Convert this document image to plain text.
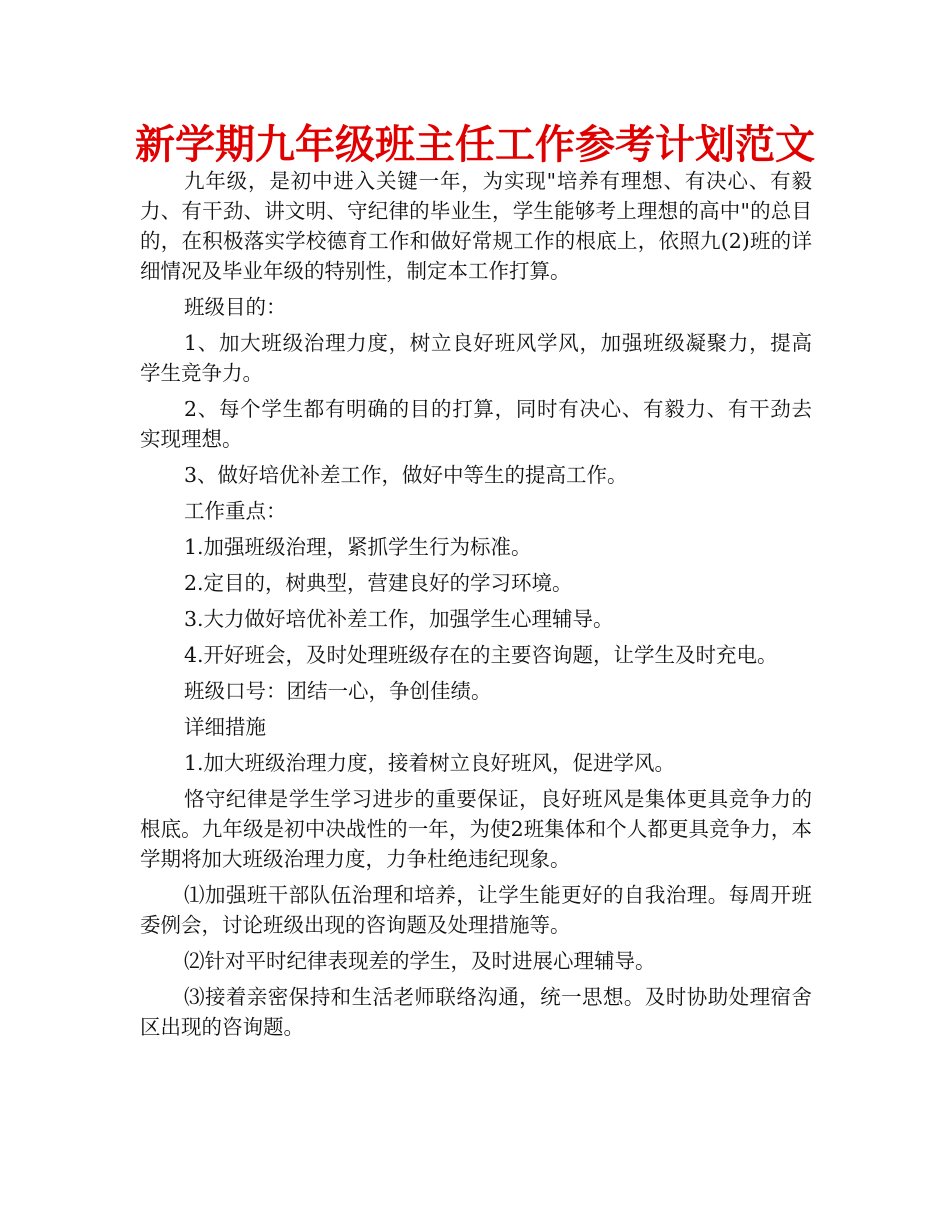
新学期九年级班主任工作参考计划范文

九年级，是初中进入关键一年，为实现"培养有理想、有决心、有毅力、有干劲、讲文明、守纪律的毕业生，学生能够考上理想的高中"的总目的，在积极落实学校德育工作和做好常规工作的根底上，依照九(2)班的详细情况及毕业年级的特别性，制定本工作打算。

班级目的：

1、加大班级治理力度，树立良好班风学风，加强班级凝聚力，提高学生竞争力。

2、每个学生都有明确的目的打算，同时有决心、有毅力、有干劲去实现理想。

3、做好培优补差工作，做好中等生的提高工作。

工作重点：

1.加强班级治理，紧抓学生行为标准。

2.定目的，树典型，营建良好的学习环境。

3.大力做好培优补差工作，加强学生心理辅导。

4.开好班会，及时处理班级存在的主要咨询题，让学生及时充电。

班级口号：团结一心，争创佳绩。

详细措施

1.加大班级治理力度，接着树立良好班风，促进学风。

恪守纪律是学生学习进步的重要保证，良好班风是集体更具竞争力的根底。九年级是初中决战性的一年，为使2班集体和个人都更具竞争力，本学期将加大班级治理力度，力争杜绝违纪现象。

⑴加强班干部队伍治理和培养，让学生能更好的自我治理。每周开班委例会，讨论班级出现的咨询题及处理措施等。

⑵针对平时纪律表现差的学生，及时进展心理辅导。

⑶接着亲密保持和生活老师联络沟通，统一思想。及时协助处理宿舍区出现的咨询题。
